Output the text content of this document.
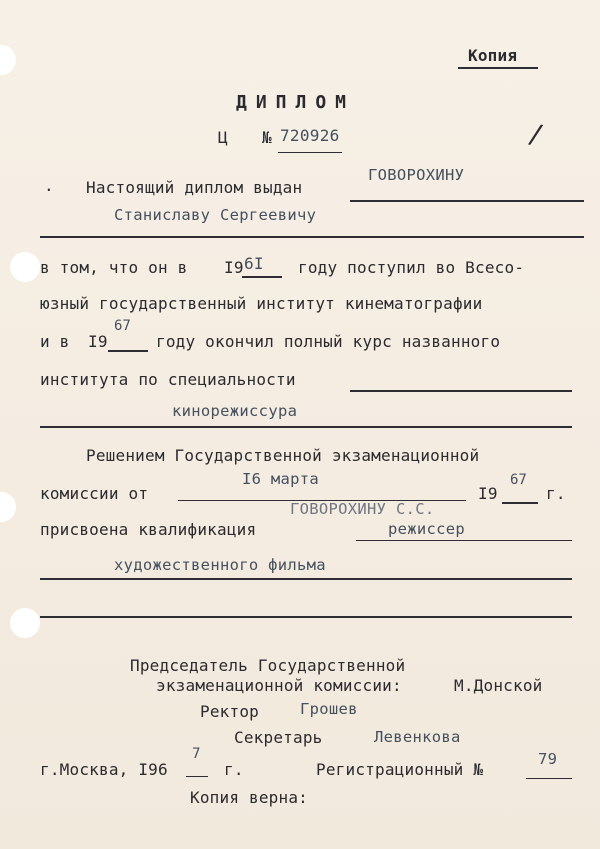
Копия
ДИПЛОМ
Ц № 720926	/
. Настоящий диплом выдан
ГОВОРОХИНУ
Станиславу Сергеевичу
в том, что он в I9 6I году поступил во Всесо-
юзный государственный институт кинематографии
и в I9
67
году окончил полный курс названного
института по специальности
кинорежиссура
Решением Государственной экзаменационной
комиссии от
I6 марта
I9
67
г.
ГОВОРОХИНУ С.С.
присвоена квалификация	режиссер
художественного фильма
Председатель Государственной
экзаменационной комиссии:	М.Донской
Ректор	Грошев
Секретарь	Левенкова
г.Москва, I96
7
г.	Регистрационный №
79
Копия верна:
